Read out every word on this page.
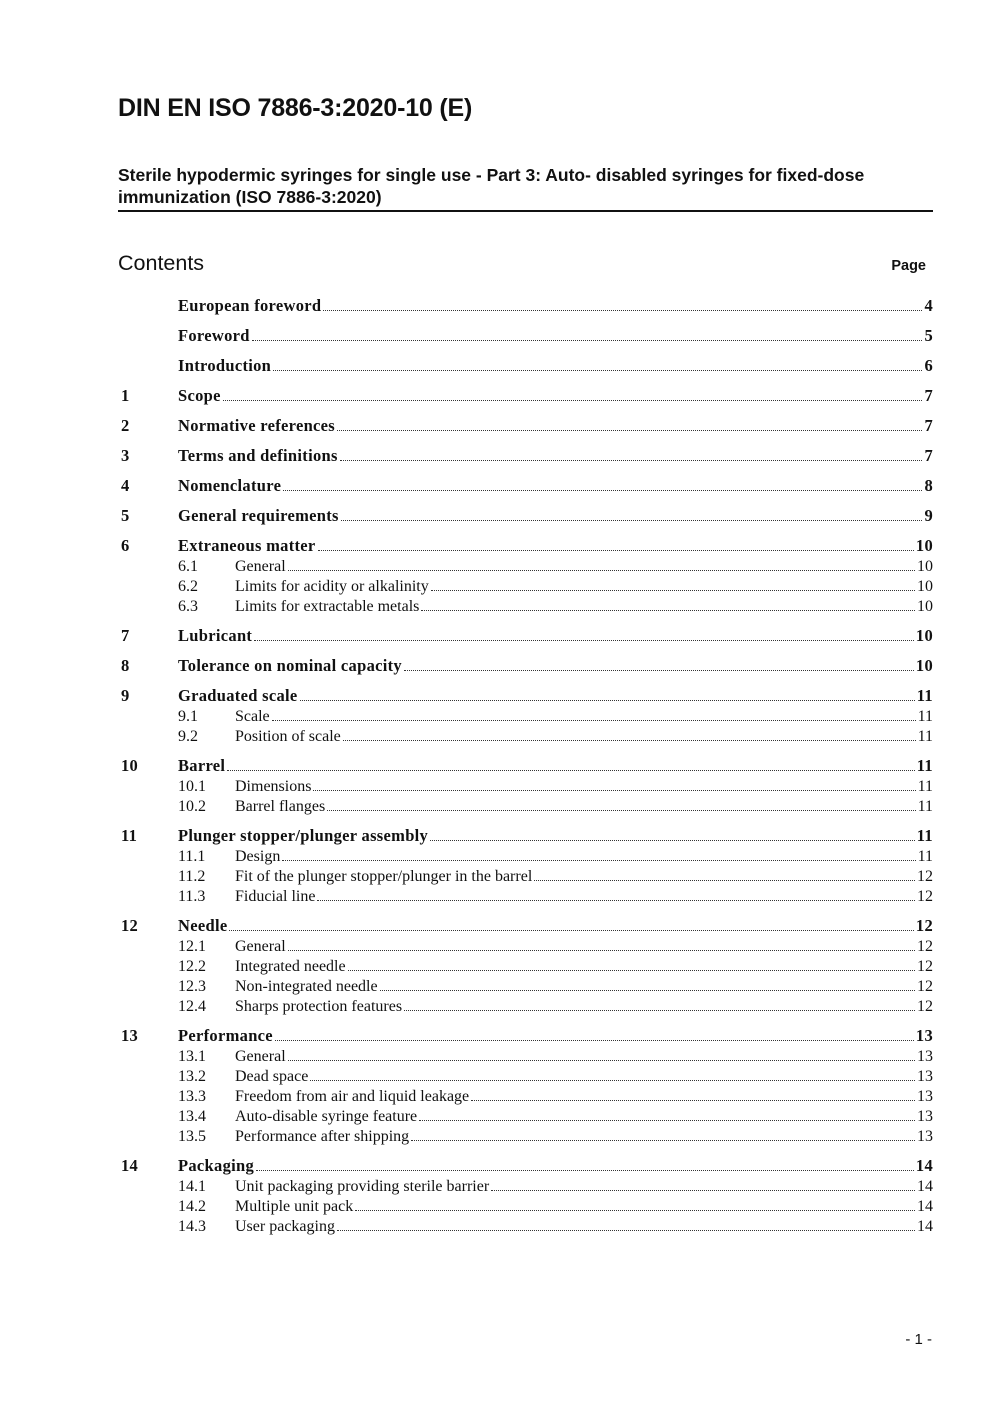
DIN EN ISO 7886-3:2020-10 (E)
Sterile hypodermic syringes for single use - Part 3: Auto- disabled syringes for fixed-dose immunization (ISO 7886-3:2020)
Contents	Page
European foreword	4
Foreword	5
Introduction	6
1	Scope	7
2	Normative references	7
3	Terms and definitions	7
4	Nomenclature	8
5	General requirements	9
6	Extraneous matter	10
6.1	General	10
6.2	Limits for acidity or alkalinity	10
6.3	Limits for extractable metals	10
7	Lubricant	10
8	Tolerance on nominal capacity	10
9	Graduated scale	11
9.1	Scale	11
9.2	Position of scale	11
10	Barrel	11
10.1	Dimensions	11
10.2	Barrel flanges	11
11	Plunger stopper/plunger assembly	11
11.1	Design	11
11.2	Fit of the plunger stopper/plunger in the barrel	12
11.3	Fiducial line	12
12	Needle	12
12.1	General	12
12.2	Integrated needle	12
12.3	Non-integrated needle	12
12.4	Sharps protection features	12
13	Performance	13
13.1	General	13
13.2	Dead space	13
13.3	Freedom from air and liquid leakage	13
13.4	Auto-disable syringe feature	13
13.5	Performance after shipping	13
14	Packaging	14
14.1	Unit packaging providing sterile barrier	14
14.2	Multiple unit pack	14
14.3	User packaging	14
- 1 -
